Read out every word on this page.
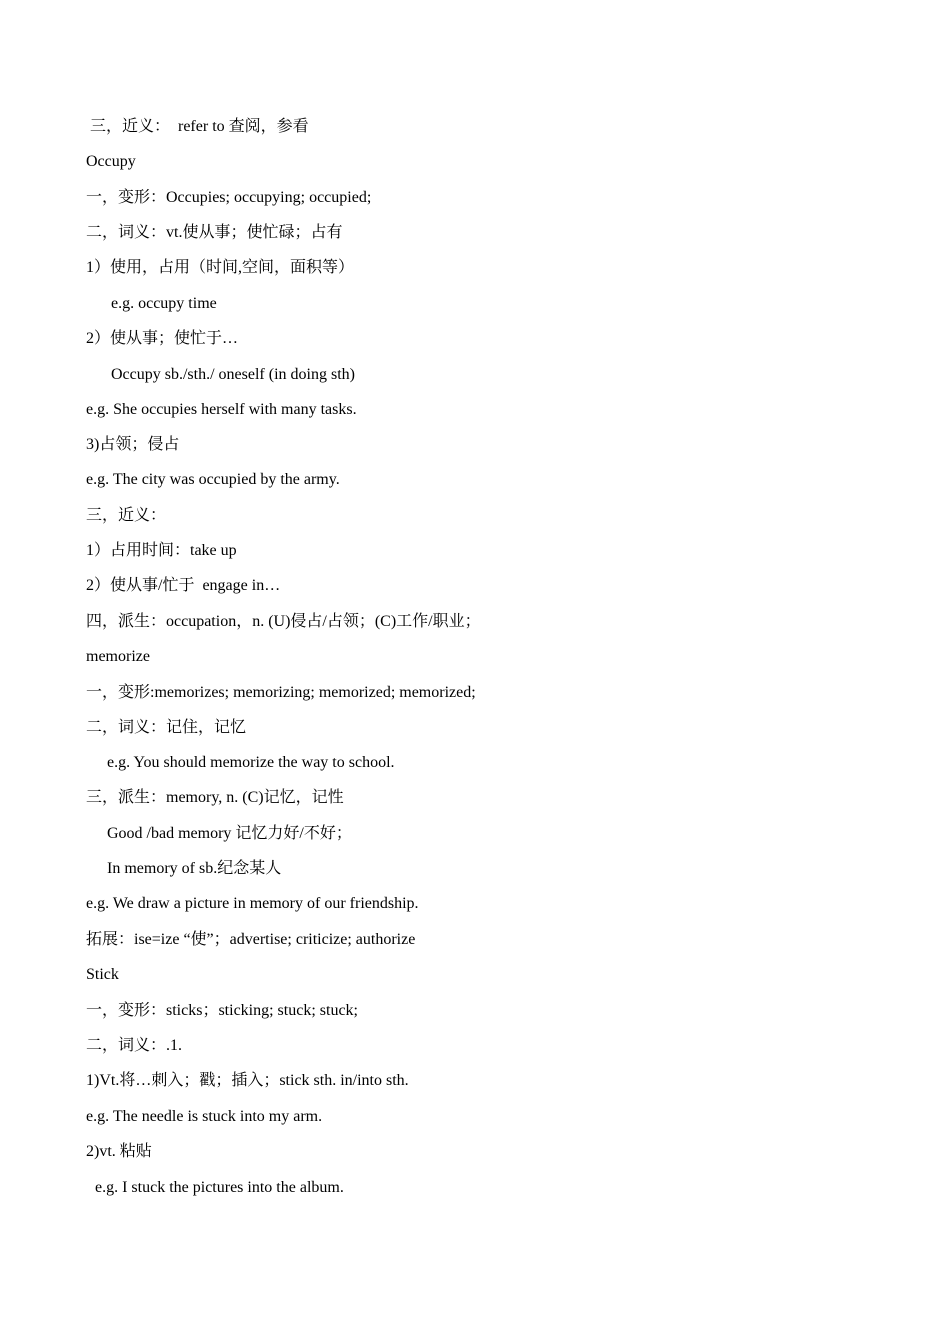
三，近义：  refer to 查阅，参看
Occupy
一，变形：Occupies; occupying; occupied;
二，词义：vt.使从事；使忙碌；占有
1）使用，占用（时间,空间，面积等）
e.g. occupy time
2）使从事；使忙于…
Occupy sb./sth./ oneself (in doing sth)
e.g. She occupies herself with many tasks.
3)占领；侵占
e.g. The city was occupied by the army.
三，近义：
1）占用时间：take up
2）使从事/忙于  engage in…
四，派生：occupation，n. (U)侵占/占领；(C)工作/职业；
memorize
一，变形:memorizes; memorizing; memorized; memorized;
二，词义：记住，记忆
e.g. You should memorize the way to school.
三，派生：memory, n. (C)记忆，记性
Good /bad memory 记忆力好/不好；
In memory of sb.纪念某人
e.g. We draw a picture in memory of our friendship.
拓展：ise=ize “使”；advertise; criticize; authorize
Stick
一，变形：sticks；sticking; stuck; stuck;
二，词义：.1.
1)Vt.将…刺入；戳；插入；stick sth. in/into sth.
e.g. The needle is stuck into my arm.
2)vt. 粘贴
e.g. I stuck the pictures into the album.
